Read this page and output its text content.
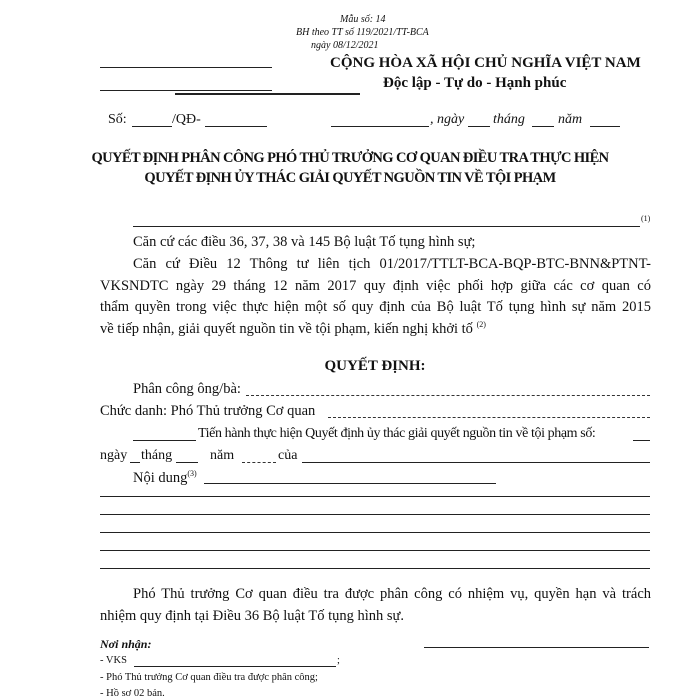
Mẫu số: 14
BH theo TT số 119/2021/TT-BCA
ngày 08/12/2021
CỘNG HÒA XÃ HỘI CHỦ NGHĨA VIỆT NAM
Độc lập - Tự do - Hạnh phúc
Số:	/QĐ-	, ngày tháng năm
QUYẾT ĐỊNH PHÂN CÔNG PHÓ THỦ TRƯỞNG CƠ QUAN ĐIỀU TRA THỰC HIỆN
QUYẾT ĐỊNH ỦY THÁC GIẢI QUYẾT NGUỒN TIN VỀ TỘI PHẠM
(1)
Căn cứ các điều 36, 37, 38 và 145 Bộ luật Tố tụng hình sự;
Căn cứ Điều 12 Thông tư liên tịch 01/2017/TTLT-BCA-BQP-BTC-BNN&PTNT-
VKSNDTC ngày 29 tháng 12 năm 2017 quy định việc phối hợp giữa các cơ quan có
thẩm quyền trong việc thực hiện một số quy định của Bộ luật Tố tụng hình sự năm 2015
về tiếp nhận, giải quyết nguồn tin về tội phạm, kiến nghị khởi tố $^{(2)}$
QUYẾT ĐỊNH:
Phân công ông/bà:
Chức danh: Phó Thủ trưởng Cơ quan
Tiến hành thực hiện Quyết định ủy thác giải quyết nguồn tin về tội phạm số:
ngày tháng	năm	của
Nội dung$^{(3)}$
Phó Thủ trưởng Cơ quan điều tra được phân công có nhiệm vụ, quyền hạn và trách
nhiệm quy định tại Điều 36 Bộ luật Tố tụng hình sự.
Nơi nhận:
- VKS	;
- Phó Thủ trưởng Cơ quan điều tra được phân công;
- Hồ sơ 02 bản.
